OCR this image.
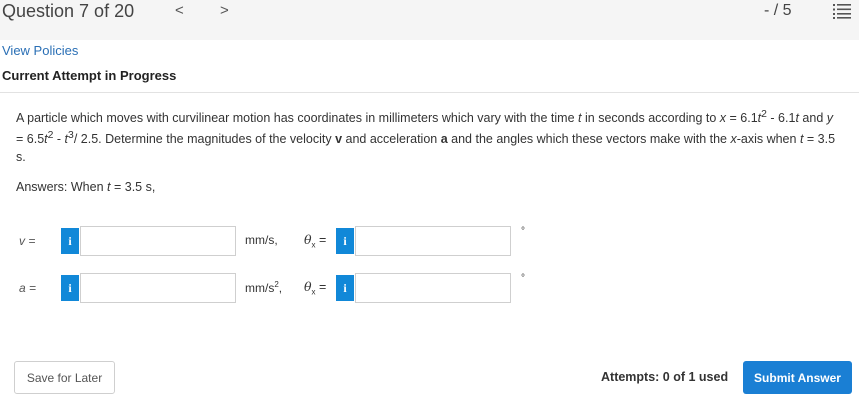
Question 7 of 20	< >	- / 5
View Policies
Current Attempt in Progress
A particle which moves with curvilinear motion has coordinates in millimeters which vary with the time t in seconds according to $x = 6.1t^2 - 6.1t$ and $y = 6.5t^2 - t^3/$ 2.5. Determine the magnitudes of the velocity v and acceleration a and the angles which these vectors make with the x-axis when t = 3.5 s.
Answers: When t = 3.5 s,
v =	i	mm/s, $\theta_x$ =	i
°
a =	i	$mm/s^2$, $\theta_x$ =	i
°
Save for Later	Attempts: 0 of 1 used	Submit Answer
